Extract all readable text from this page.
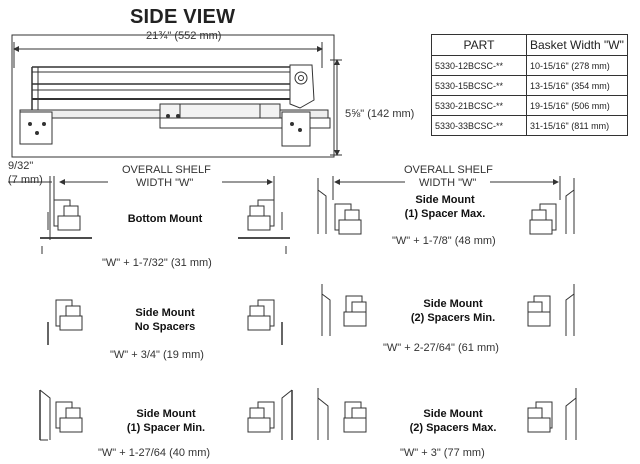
SIDE VIEW
21¾" (552 mm)
5⅝" (142 mm)
PART	Basket Width "W"
5330-12BCSC-**	10-15/16" (278 mm)
5330-15BCSC-**	13-15/16" (354 mm)
5330-21BCSC-**	19-15/16" (506 mm)
5330-33BCSC-**	31-15/16" (811 mm)
9/32"
(7 mm)
OVERALL SHELF
WIDTH "W"
OVERALL SHELF
WIDTH "W"
Bottom Mount
"W" + 1-7/32" (31 mm)
Side Mount
(1) Spacer Max.
"W" + 1-7/8" (48 mm)
Side Mount
No Spacers
"W" + 3/4" (19 mm)
Side Mount
(2) Spacers Min.
"W" + 2-27/64" (61 mm)
Side Mount
(1) Spacer Min.
"W" + 1-27/64 (40 mm)
Side Mount
(2) Spacers Max.
"W" + 3" (77 mm)
